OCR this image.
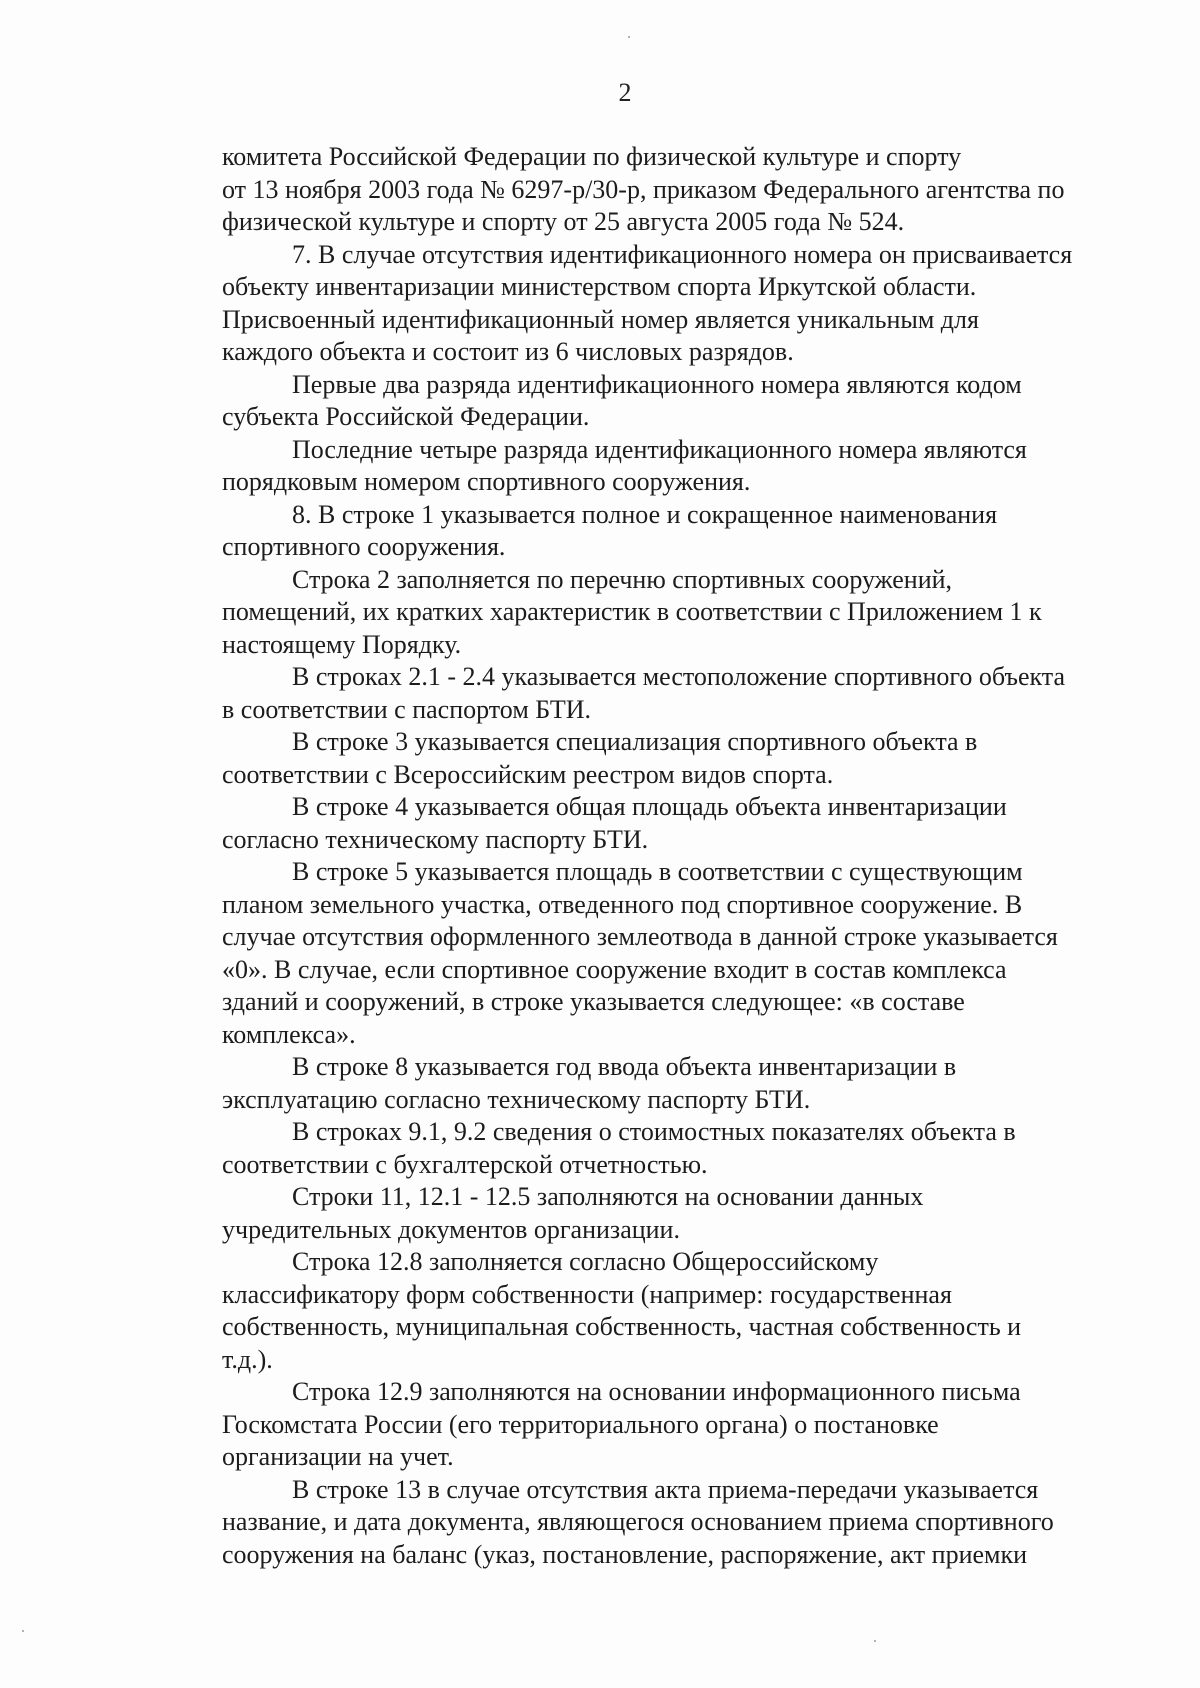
2

комитета Российской Федерации по физической культуре и спорту
от 13 ноября 2003 года № 6297-р/30-р, приказом Федерального агентства по
физической культуре и спорту от 25 августа 2005 года № 524.

7. В случае отсутствия идентификационного номера он присваивается
объекту инвентаризации министерством спорта Иркутской области.
Присвоенный идентификационный номер является уникальным для
каждого объекта и состоит из 6 числовых разрядов.

Первые два разряда идентификационного номера являются кодом
субъекта Российской Федерации.

Последние четыре разряда идентификационного номера являются
порядковым номером спортивного сооружения.

8. В строке 1 указывается полное и сокращенное наименования
спортивного сооружения.

Строка 2 заполняется по перечню спортивных сооружений,
помещений, их кратких характеристик в соответствии с Приложением 1 к
настоящему Порядку.

В строках 2.1 - 2.4 указывается местоположение спортивного объекта
в соответствии с паспортом БТИ.

В строке 3 указывается специализация спортивного объекта в
соответствии с Всероссийским реестром видов спорта.

В строке 4 указывается общая площадь объекта инвентаризации
согласно техническому паспорту БТИ.

В строке 5 указывается площадь в соответствии с существующим
планом земельного участка, отведенного под спортивное сооружение. В
случае отсутствия оформленного землеотвода в данной строке указывается
«0». В случае, если спортивное сооружение входит в состав комплекса
зданий и сооружений, в строке указывается следующее: «в составе
комплекса».

В строке 8 указывается год ввода объекта инвентаризации в
эксплуатацию согласно техническому паспорту БТИ.

В строках 9.1, 9.2 сведения о стоимостных показателях объекта в
соответствии с бухгалтерской отчетностью.

Строки 11, 12.1 - 12.5 заполняются на основании данных
учредительных документов организации.

Строка 12.8 заполняется согласно Общероссийскому
классификатору форм собственности (например: государственная
собственность, муниципальная собственность, частная собственность и
т.д.).

Строка 12.9 заполняются на основании информационного письма
Госкомстата России (его территориального органа) о постановке
организации на учет.

В строке 13 в случае отсутствия акта приема-передачи указывается
название, и дата документа, являющегося основанием приема спортивного
сооружения на баланс (указ, постановление, распоряжение, акт приемки
